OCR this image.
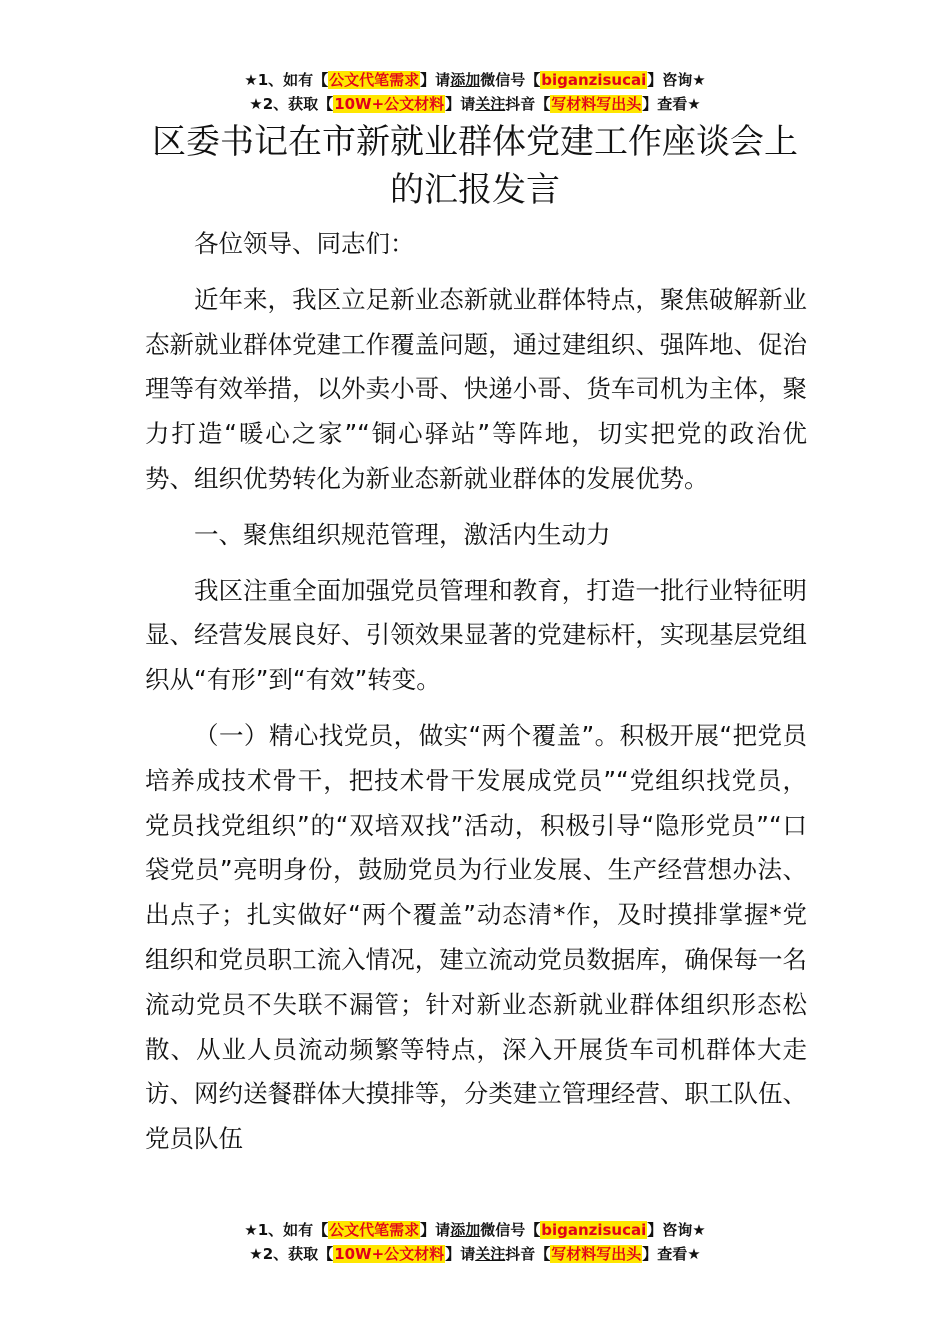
★1、如有【公文代笔需求】请添加微信号【biganzisucai】咨询★
★2、获取【10W+公文材料】请关注抖音【写材料写出头】查看★
区委书记在市新就业群体党建工作座谈会上的汇报发言

各位领导、同志们：

近年来，我区立足新业态新就业群体特点，聚焦破解新业态新就业群体党建工作覆盖问题，通过建组织、强阵地、促治理等有效举措，以外卖小哥、快递小哥、货车司机为主体，聚力打造“暖心之家”“铜心驿站”等阵地，切实把党的政治优势、组织优势转化为新业态新就业群体的发展优势。

一、聚焦组织规范管理，激活内生动力

我区注重全面加强党员管理和教育，打造一批行业特征明显、经营发展良好、引领效果显著的党建标杆，实现基层党组织从“有形”到“有效”转变。

（一）精心找党员，做实“两个覆盖”。积极开展“把党员培养成技术骨干，把技术骨干发展成党员”“党组织找党员，党员找党组织”的“双培双找”活动，积极引导“隐形党员”“口袋党员”亮明身份，鼓励党员为行业发展、生产经营想办法、出点子；扎实做好“两个覆盖”动态清*作，及时摸排掌握*党组织和党员职工流入情况，建立流动党员数据库，确保每一名流动党员不失联不漏管；针对新业态新就业群体组织形态松散、从业人员流动频繁等特点，深入开展货车司机群体大走访、网约送餐群体大摸排等，分类建立管理经营、职工队伍、党员队伍

★1、如有【公文代笔需求】请添加微信号【biganzisucai】咨询★
★2、获取【10W+公文材料】请关注抖音【写材料写出头】查看★
